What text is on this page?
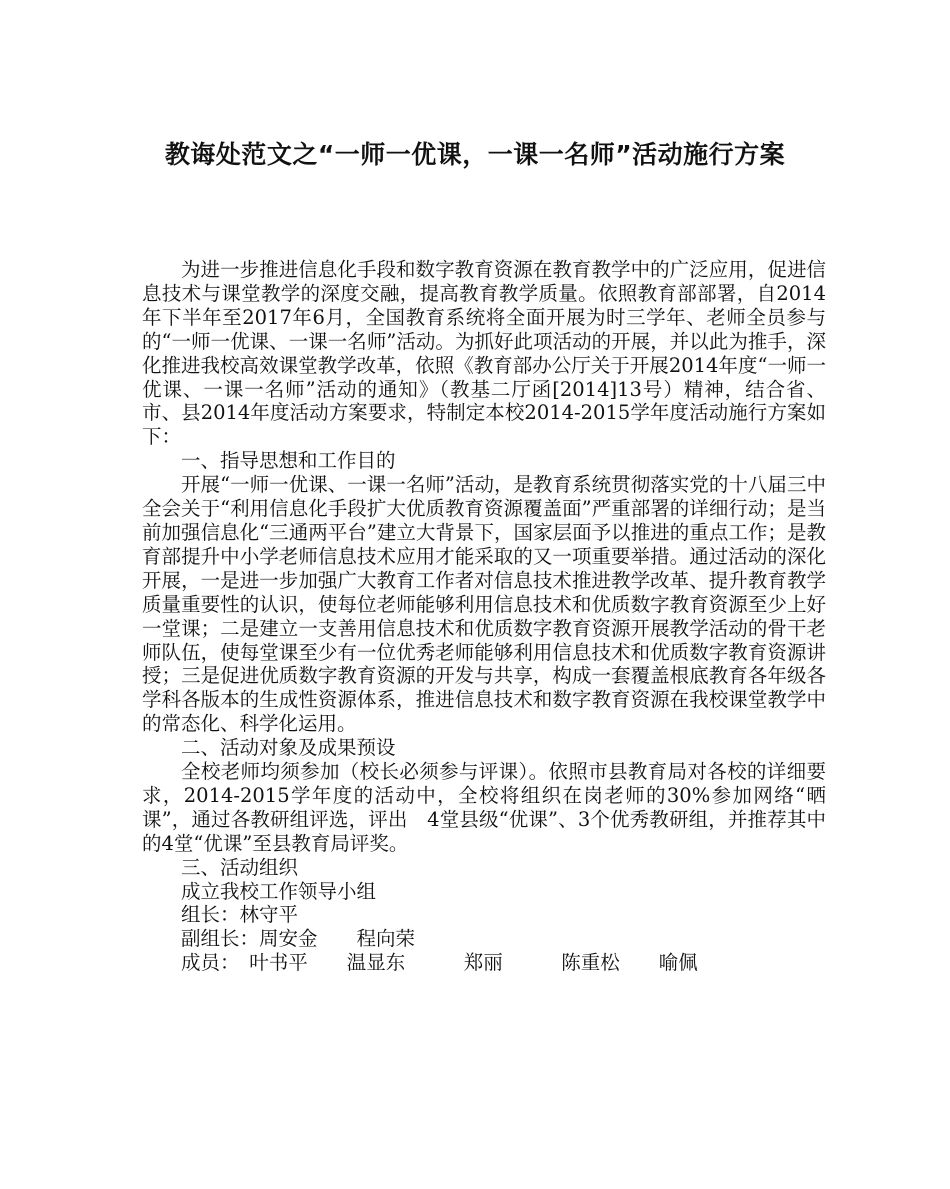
教诲处范文之“一师一优课，一课一名师”活动施行方案

为进一步推进信息化手段和数字教育资源在教育教学中的广泛应用，促进信息技术与课堂教学的深度交融，提高教育教学质量。依照教育部部署，自2014年下半年至2017年6月，全国教育系统将全面开展为时三学年、老师全员参与的“一师一优课、一课一名师”活动。为抓好此项活动的开展，并以此为推手，深化推进我校高效课堂教学改革，依照《教育部办公厅关于开展2014年度“一师一优课、一课一名师”活动的通知》（教基二厅函[2014]13号）精神，结合省、市、县2014年度活动方案要求，特制定本校2014-2015学年度活动施行方案如下：

一、指导思想和工作目的

开展“一师一优课、一课一名师”活动，是教育系统贯彻落实党的十八届三中全会关于“利用信息化手段扩大优质教育资源覆盖面”严重部署的详细行动；是当前加强信息化“三通两平台”建立大背景下，国家层面予以推进的重点工作；是教育部提升中小学老师信息技术应用才能采取的又一项重要举措。通过活动的深化开展，一是进一步加强广大教育工作者对信息技术推进教学改革、提升教育教学质量重要性的认识，使每位老师能够利用信息技术和优质数字教育资源至少上好一堂课；二是建立一支善用信息技术和优质数字教育资源开展教学活动的骨干老师队伍，使每堂课至少有一位优秀老师能够利用信息技术和优质数字教育资源讲授；三是促进优质数字教育资源的开发与共享，构成一套覆盖根底教育各年级各学科各版本的生成性资源体系，推进信息技术和数字教育资源在我校课堂教学中的常态化、科学化运用。

二、活动对象及成果预设

全校老师均须参加（校长必须参与评课）。依照市县教育局对各校的详细要求，2014-2015学年度的活动中，全校将组织在岗老师的30%参加网络“晒课”，通过各教研组评选，评出　4堂县级“优课”、3个优秀教研组，并推荐其中的4堂“优课”至县教育局评奖。

三、活动组织

成立我校工作领导小组

组长：林守平

副组长：周安金　　程向荣

成员：　叶书平　　温显东　　　郑丽　　　陈重松　　喻佩
